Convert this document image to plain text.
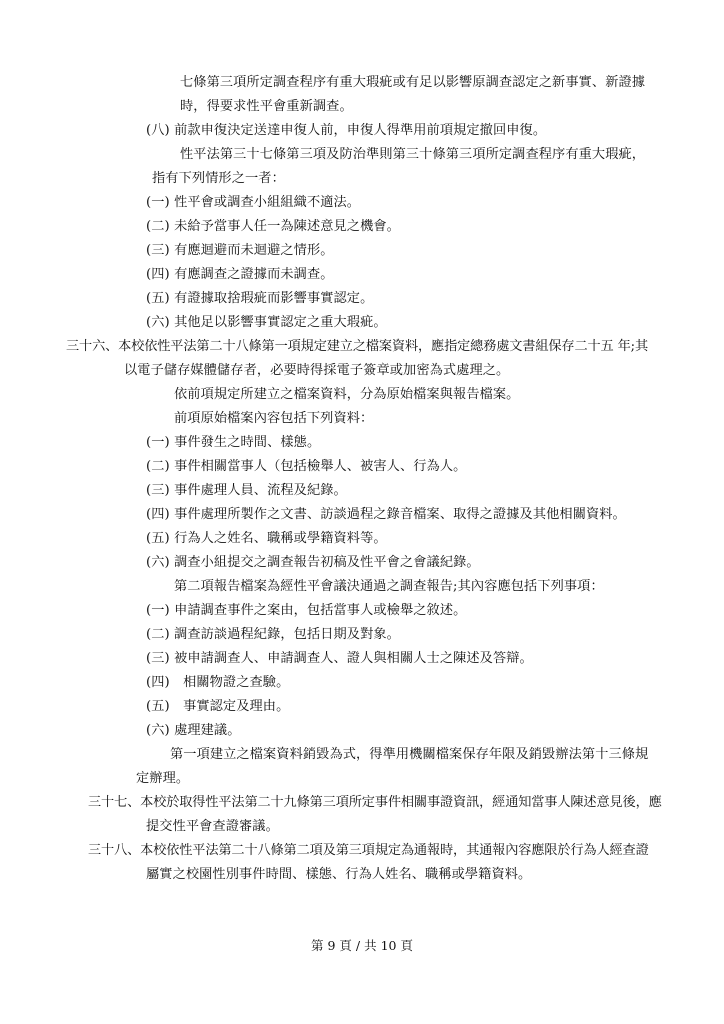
七條第三項所定調查程序有重大瑕疵或有足以影響原調查認定之新事實、新證據
時，得要求性平會重新調查。
(八) 前款申復決定送達申復人前，申復人得準用前項規定撤回申復。
性平法第三十七條第三項及防治準則第三十條第三項所定調查程序有重大瑕疵，
指有下列情形之一者：
(一) 性平會或調查小組組織不適法。
(二) 未給予當事人任一為陳述意見之機會。
(三) 有應迴避而未迴避之情形。
(四) 有應調查之證據而未調查。
(五) 有證據取捨瑕疵而影響事實認定。
(六) 其他足以影響事實認定之重大瑕疵。
三十六、本校依性平法第二十八條第一項規定建立之檔案資料，應指定總務處文書組保存二十五 年;其
以電子儲存媒體儲存者，必要時得採電子簽章或加密為式處理之。
依前項規定所建立之檔案資料，分為原始檔案與報告檔案。
前項原始檔案內容包括下列資料：
(一) 事件發生之時間、樣態。
(二) 事件相關當事人（包括檢舉人、被害人、行為人。
(三) 事件處理人員、流程及紀錄。
(四) 事件處理所製作之文書、訪談過程之錄音檔案、取得之證據及其他相關資料。
(五) 行為人之姓名、職稱或學籍資料等。
(六) 調查小組提交之調查報告初稿及性平會之會議紀錄。
第二項報告檔案為經性平會議決通過之調查報告;其內容應包括下列事項：
(一) 申請調查事件之案由，包括當事人或檢舉之敘述。
(二) 調查訪談過程紀錄，包括日期及對象。
(三) 被申請調查人、申請調查人、證人與相關人士之陳述及答辯。
(四)　相關物證之查驗。
(五)　事實認定及理由。
(六) 處理建議。
第一項建立之檔案資料銷毀為式，得準用機關檔案保存年限及銷毀辦法第十三條規
定辦理。
三十七、本校於取得性平法第二十九條第三項所定事件相關事證資訊，經通知當事人陳述意見後，應
提交性平會查證審議。
三十八、本校依性平法第二十八條第二項及第三項規定為通報時，其通報內容應限於行為人經查證
屬實之校園性別事件時間、樣態、行為人姓名、職稱或學籍資料。
第 9 頁 / 共 10 頁
